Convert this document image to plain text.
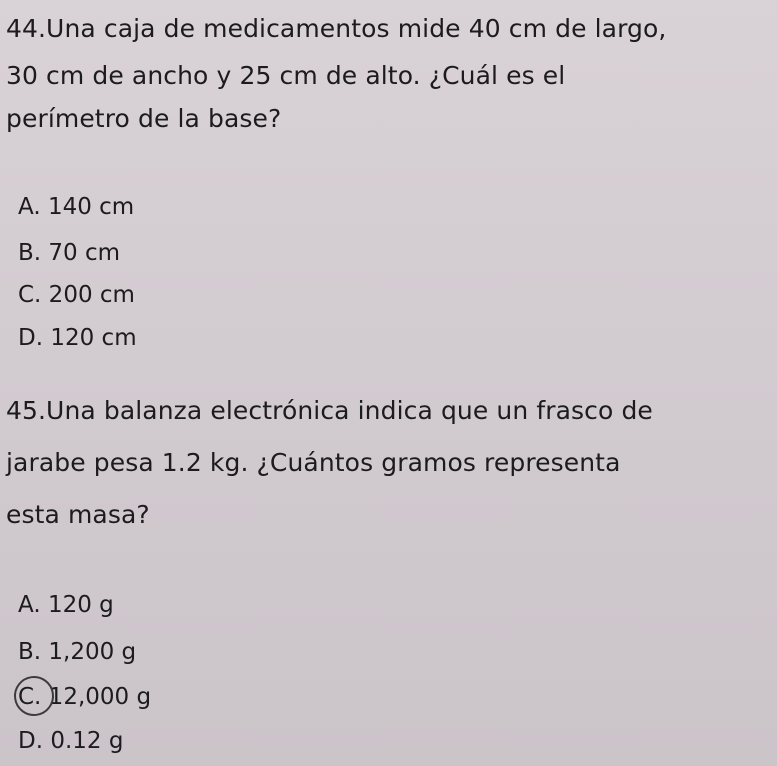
44.Una caja de medicamentos mide 40 cm de largo,
30 cm de ancho y 25 cm de alto. ¿Cuál es el
perímetro de la base?
A. 140 cm
B. 70 cm
C. 200 cm
D. 120 cm
45.Una balanza electrónica indica que un frasco de
jarabe pesa 1.2 kg. ¿Cuántos gramos representa
esta masa?
A. 120 g
B. 1,200 g
C. 12,000 g
D. 0.12 g
